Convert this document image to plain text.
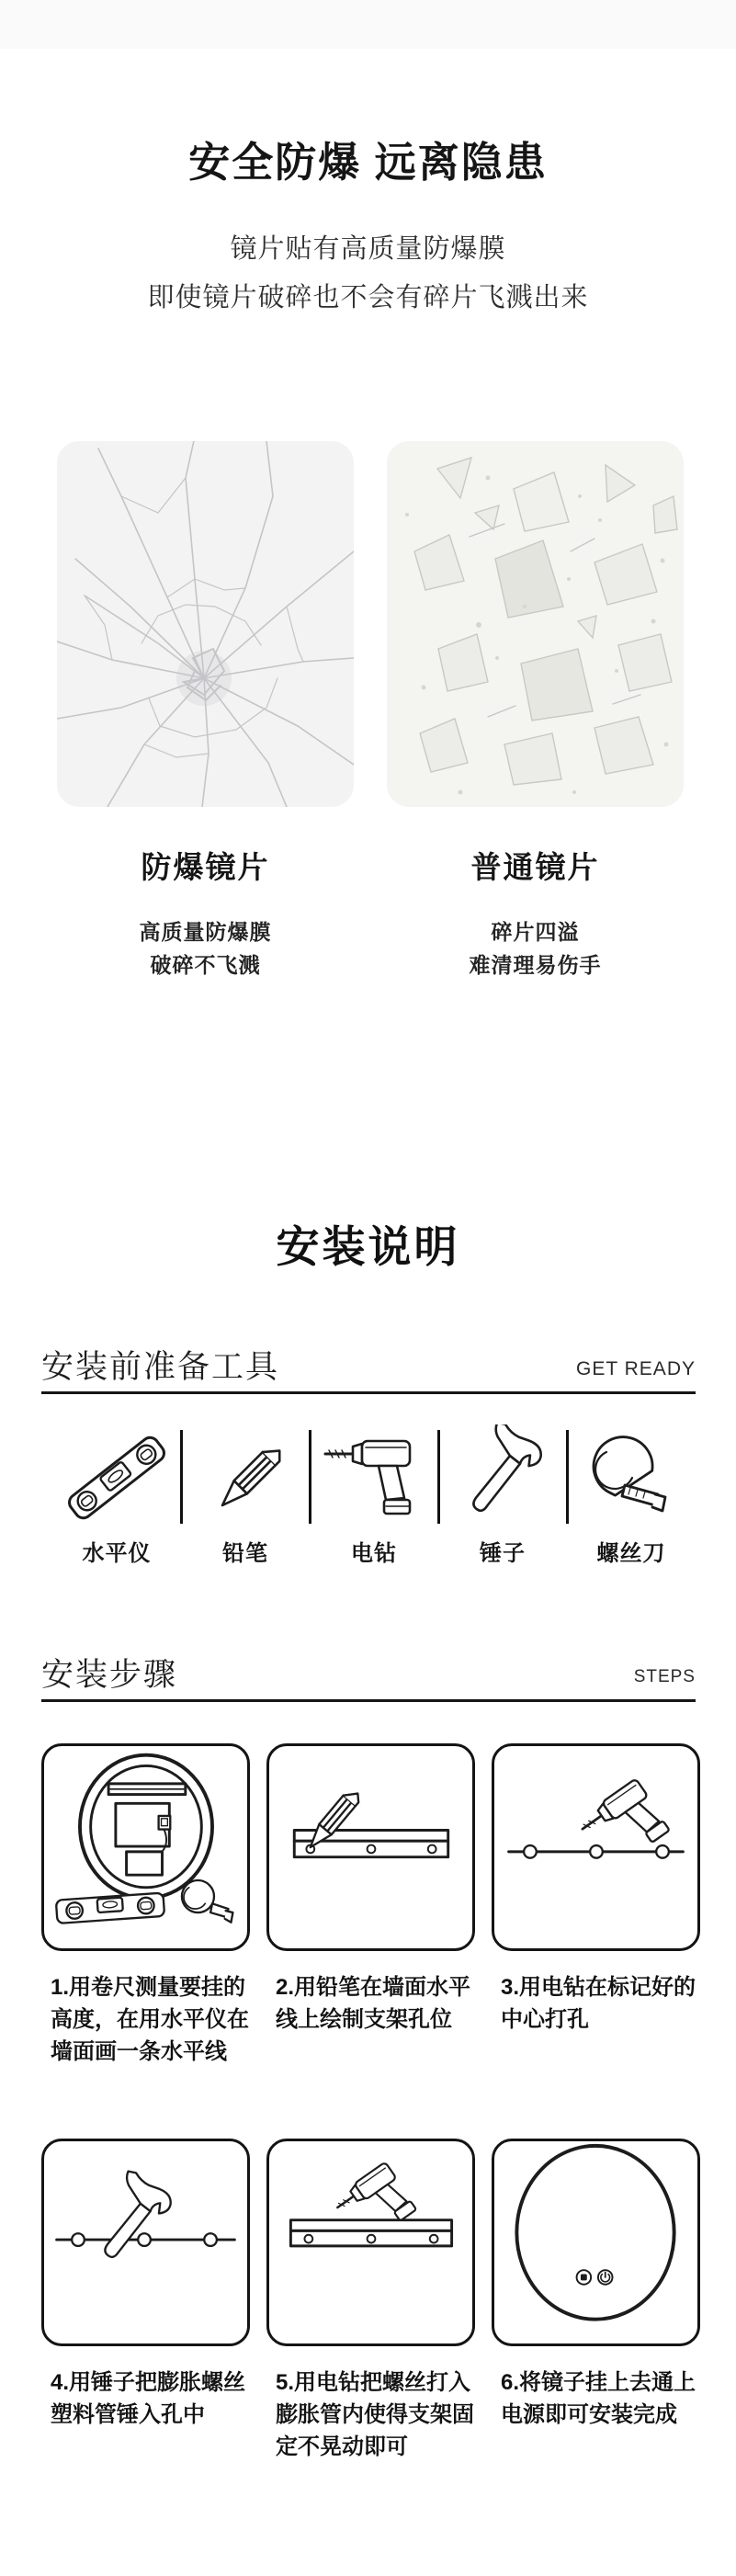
安全防爆 远离隐患
镜片贴有高质量防爆膜
即使镜片破碎也不会有碎片飞溅出来
防爆镜片	普通镜片
高质量防爆膜
破碎不飞溅
碎片四溢
难清理易伤手
安装说明
安装前准备工具	GET READY
水平仪	铅笔	电钻	锤子	螺丝刀
安装步骤	STEPS
1.用卷尺测量要挂的高度，在用水平仪在墙面画一条水平线
2.用铅笔在墙面水平线上绘制支架孔位
3.用电钻在标记好的中心打孔
4.用锤子把膨胀螺丝塑料管锤入孔中
5.用电钻把螺丝打入膨胀管内使得支架固定不晃动即可
6.将镜子挂上去通上电源即可安装完成
